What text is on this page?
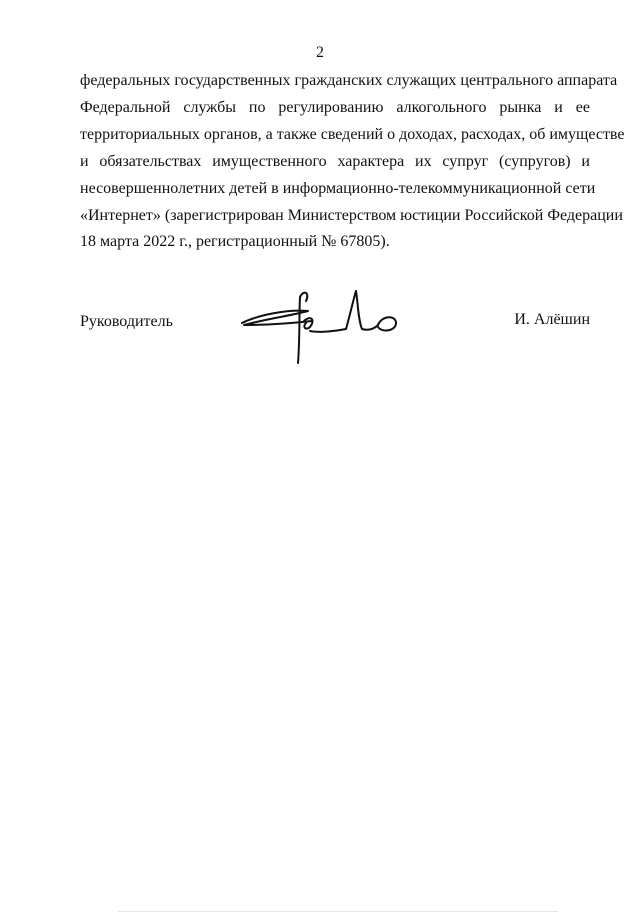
2

федеральных государственных гражданских служащих центрального аппарата
Федеральной службы по регулированию алкогольного рынка и ее
территориальных органов, а также сведений о доходах, расходах, об имуществе
и обязательствах имущественного характера их супруг (супругов) и
несовершеннолетних детей в информационно-телекоммуникационной сети
«Интернет» (зарегистрирован Министерством юстиции Российской Федерации
18 марта 2022 г., регистрационный № 67805).

Руководитель	И. Алёшин
